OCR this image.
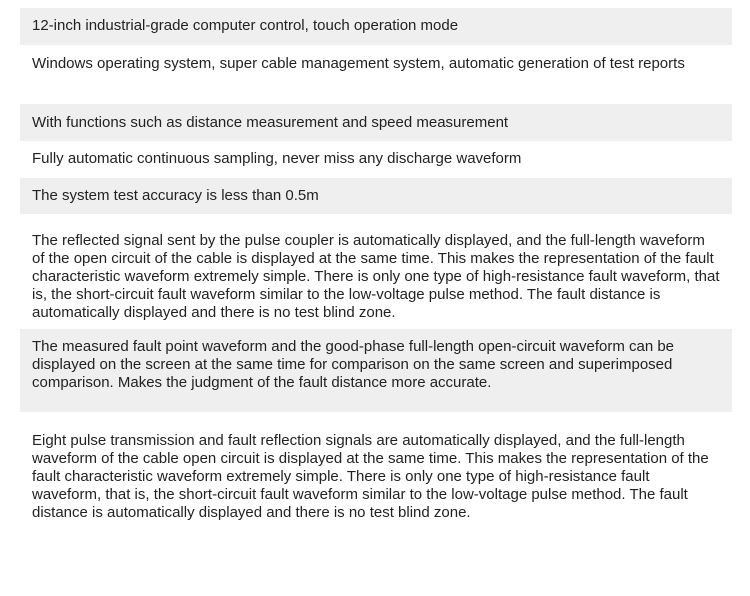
12-inch industrial-grade computer control, touch operation mode
Windows operating system, super cable management system, automatic generation of test reports
With functions such as distance measurement and speed measurement
Fully automatic continuous sampling, never miss any discharge waveform
The system test accuracy is less than 0.5m
The reflected signal sent by the pulse coupler is automatically displayed, and the full-length waveform of the open circuit of the cable is displayed at the same time. This makes the representation of the fault characteristic waveform extremely simple. There is only one type of high-resistance fault waveform, that is, the short-circuit fault waveform similar to the low-voltage pulse method. The fault distance is automatically displayed and there is no test blind zone.
The measured fault point waveform and the good-phase full-length open-circuit waveform can be displayed on the screen at the same time for comparison on the same screen and superimposed comparison. Makes the judgment of the fault distance more accurate.
Eight pulse transmission and fault reflection signals are automatically displayed, and the full-length waveform of the cable open circuit is displayed at the same time. This makes the representation of the fault characteristic waveform extremely simple. There is only one type of high-resistance fault waveform, that is, the short-circuit fault waveform similar to the low-voltage pulse method. The fault distance is automatically displayed and there is no test blind zone.
